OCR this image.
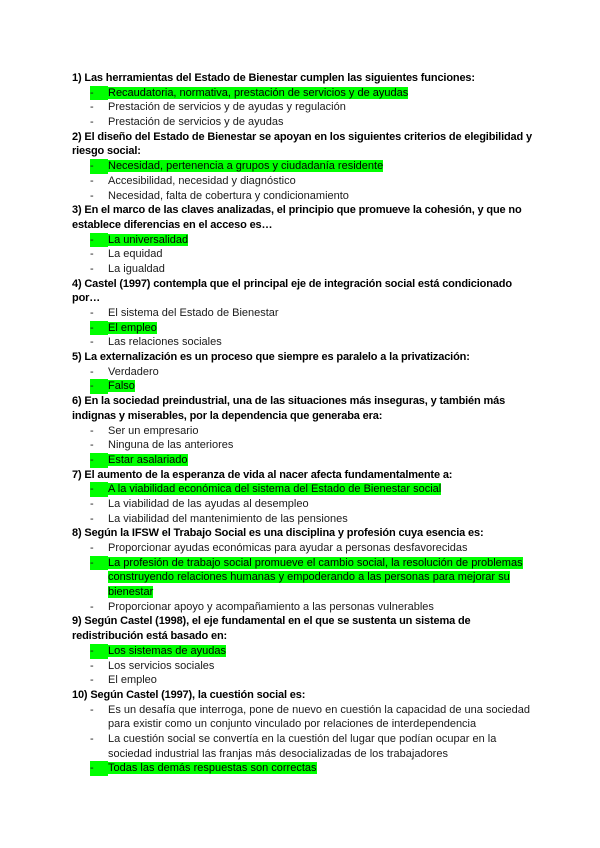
1) Las herramientas del Estado de Bienestar cumplen las siguientes funciones:
-	Recaudatoria, normativa, prestación de servicios y de ayudas
-	Prestación de servicios y de ayudas y regulación
-	Prestación de servicios y de ayudas
2) El diseño del Estado de Bienestar se apoyan en los siguientes criterios de elegibilidad y riesgo social:
-	Necesidad, pertenencia a grupos y ciudadanía residente
-	Accesibilidad, necesidad y diagnóstico
-	Necesidad, falta de cobertura y condicionamiento
3) En el marco de las claves analizadas, el principio que promueve la cohesión, y que no establece diferencias en el acceso es…
-	La universalidad
-	La equidad
-	La igualdad
4) Castel (1997) contempla que el principal eje de integración social está condicionado por…
-	El sistema del Estado de Bienestar
-	El empleo
-	Las relaciones sociales
5) La externalización es un proceso que siempre es paralelo a la privatización:
-	Verdadero
-	Falso
6) En la sociedad preindustrial, una de las situaciones más inseguras, y también más indignas y miserables, por la dependencia que generaba era:
-	Ser un empresario
-	Ninguna de las anteriores
-	Estar asalariado
7) El aumento de la esperanza de vida al nacer afecta fundamentalmente a:
-	A la viabilidad económica del sistema del Estado de Bienestar social
-	La viabilidad de las ayudas al desempleo
-	La viabilidad del mantenimiento de las pensiones
8) Según la IFSW el Trabajo Social es una disciplina y profesión cuya esencia es:
-	Proporcionar ayudas económicas para ayudar a personas desfavorecidas
-	La profesión de trabajo social promueve el cambio social, la resolución de problemas construyendo relaciones humanas y empoderando a las personas para mejorar su bienestar
-	Proporcionar apoyo y acompañamiento a las personas vulnerables
9) Según Castel (1998), el eje fundamental en el que se sustenta un sistema de redistribución está basado en:
-	Los sistemas de ayudas
-	Los servicios sociales
-	El empleo
10) Según Castel (1997), la cuestión social es:
-	Es un desafía que interroga, pone de nuevo en cuestión la capacidad de una sociedad para existir como un conjunto vinculado por relaciones de interdependencia
-	La cuestión social se convertía en la cuestión del lugar que podían ocupar en la sociedad industrial las franjas más desocializadas de los trabajadores
-	Todas las demás respuestas son correctas
